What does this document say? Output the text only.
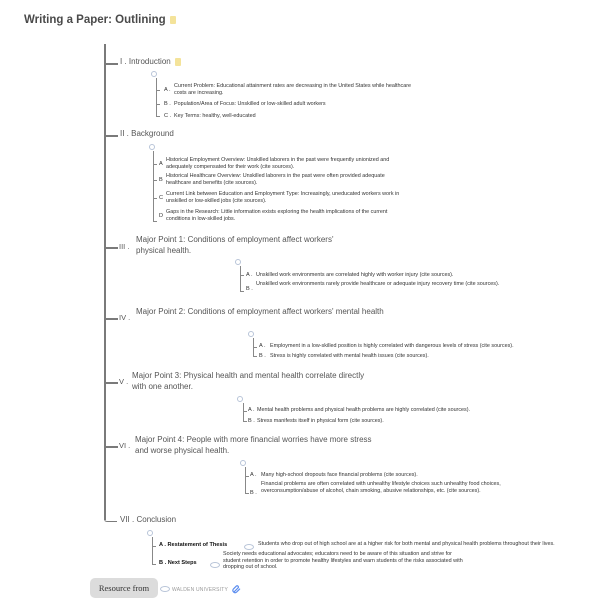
Writing a Paper: Outlining
I . Introduction
A .
Current Problem: Educational attainment rates are decreasing in the United States while healthcare costs are increasing.
B . Population/Area of Focus: Unskilled or low-skilled adult workers
C . Key Terms: healthy, well-educated
II . Background
A
Historical Employment Overview: Unskilled laborers in the past were frequently unionized and adequately compensated for their work (cite sources).
B
Historical Healthcare Overview: Unskilled laborers in the past were often provided adequate healthcare and benefits (cite sources).
C
Current Link between Education and Employment Type: Increasingly, uneducated workers work in unskilled or low-skilled jobs (cite sources).
D
Gaps in the Research: Little information exists exploring the health implications of the current conditions in low-skilled jobs.
III .
Major Point 1: Conditions of employment affect workers' physical health.
A . Unskilled work environments are correlated highly with worker injury (cite sources).
B .
Unskilled work environments rarely provide healthcare or adequate injury recovery time (cite sources).
IV .
Major Point 2: Conditions of employment affect workers' mental health
A . Employment in a low-skilled position is highly correlated with dangerous levels of stress (cite sources).
B . Stress is highly correlated with mental health issues (cite sources).
V .
Major Point 3: Physical health and mental health correlate directly with one another.
A . Mental health problems and physical health problems are highly correlated (cite sources).
B . Stress manifests itself in physical form (cite sources).
VI .
Major Point 4: People with more financial worries have more stress and worse physical health.
A . Many high-school dropouts face financial problems (cite sources).
B .
Financial problems are often correlated with unhealthy lifestyle choices such unhealthy food choices, overconsumption/abuse of alcohol, chain smoking, abusive relationships, etc. (cite sources).
VII . Conclusion
A . Restatement of Thesis	Students who drop out of high school are at a higher risk for both mental and physical health problems throughout their lives.
B . Next Steps
Society needs educational advocates; educators need to be aware of this situation and strive for student retention in order to promote healthy lifestyles and warn students of the risks associated with dropping out of school.
Resource from	WALDEN UNIVERSITY
